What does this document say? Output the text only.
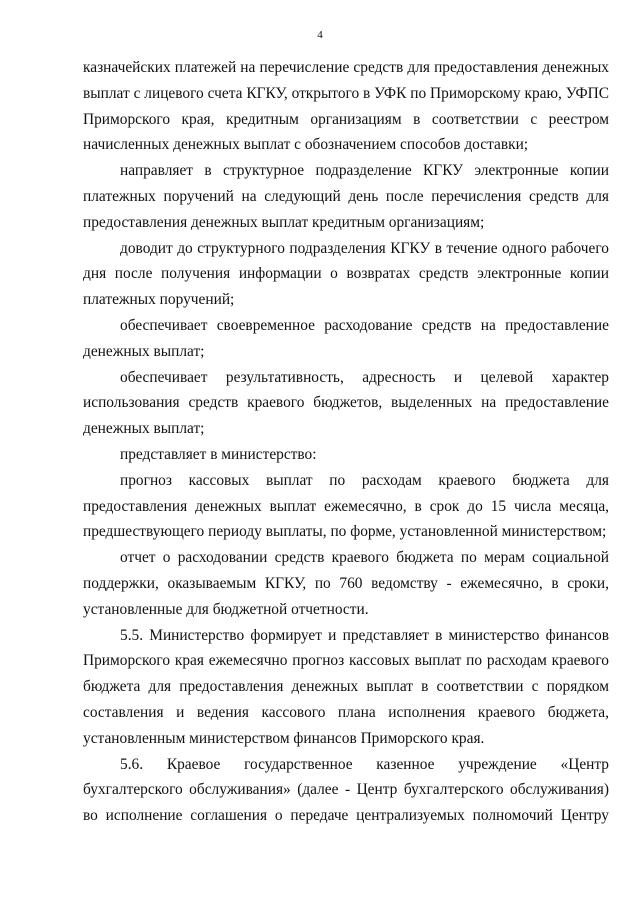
4

казначейских платежей на перечисление средств для предоставления денежных выплат с лицевого счета КГКУ, открытого в УФК по Приморскому краю, УФПС Приморского края, кредитным организациям в соответствии с реестром начисленных денежных выплат с обозначением способов доставки;

направляет в структурное подразделение КГКУ электронные копии платежных поручений на следующий день после перечисления средств для предоставления денежных выплат кредитным организациям;

доводит до структурного подразделения КГКУ в течение одного рабочего дня после получения информации о возвратах средств электронные копии платежных поручений;

обеспечивает своевременное расходование средств на предоставление денежных выплат;

обеспечивает результативность, адресность и целевой характер использования средств краевого бюджетов, выделенных на предоставление денежных выплат;

представляет в министерство:

прогноз кассовых выплат по расходам краевого бюджета для предоставления денежных выплат ежемесячно, в срок до 15 числа месяца, предшествующего периоду выплаты, по форме, установленной министерством;

отчет о расходовании средств краевого бюджета по мерам социальной поддержки, оказываемым КГКУ, по 760 ведомству - ежемесячно, в сроки, установленные для бюджетной отчетности.

5.5. Министерство формирует и представляет в министерство финансов Приморского края ежемесячно прогноз кассовых выплат по расходам краевого бюджета для предоставления денежных выплат в соответствии с порядком составления и ведения кассового плана исполнения краевого бюджета, установленным министерством финансов Приморского края.

5.6. Краевое государственное казенное учреждение «Центр бухгалтерского обслуживания» (далее - Центр бухгалтерского обслуживания) во исполнение соглашения о передаче централизуемых полномочий Центру
